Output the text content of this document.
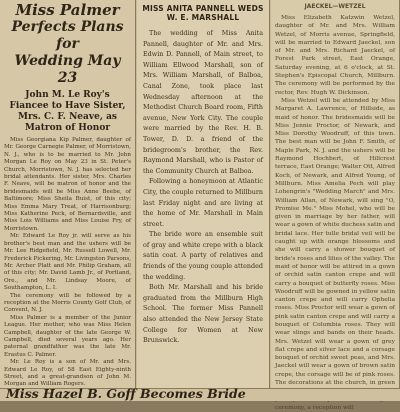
Miss Palmer

Perfects Plans for
Wedding May 23
John M. Le Roy's Fiancee to Have Sister, Mrs. C. F. Neave, as Matron of Honor

Miss Georgiana Kip Palmer, daughter of Mr. George Carnegie Palmer, of Morristown, N. J., who is to be married to Mr. John Morgan Le Roy on May 23 in St. Peter's Church, Morristown, N. J. has selected her bridal attendants. Her sister, Mrs. Charles F. Neave, will be matron of honor and the bridesmaids will be Miss Anne Beebe, of Baltimore; Miss Sheila Buist, of this city; Miss Emma Mary Treat, of Harrisonburg; Miss Katherine Peck, of Bernardsville, and Miss Lois Williams and Miss Louise Fry, of Morristown.

Mr. Edward Le Roy jr. will serve as his brother's best man and the ushers will be Mr. Lee Ridgefield, Mr. Russell Lowell, Mr. Frederick Pickering, Mr. Livingston Parsons, Mr. Archer Platt and Mr. Philip Graham, all of this city; Mr. David Lamb Jr., of Portland, Ore., and Mr. Lindsay Moore, of Southampton, L. I.

The ceremony will be followed by a reception at the Morris County Golf Club, of Convent, N. J.

Miss Palmer is a member of the Junior League. Her mother, who was Miss Helen Campbell, daughter of the late George W. Campbell, died several years ago. Her paternal grandfather was the late Mr. Erastus C. Palmer.

Mr. Le Roy is a son of Mr. and Mrs. Edward Le Roy, of 58 East Eighty-ninth Street, and a great-grandson of John M. Morgan and William Rogers.

MISS ANITA PANNELL WEDS W. E. MARSHALL

The wedding of Miss Anita Pannell, daughter of Mr. and Mrs. Edwin D. Pannell, of Main street, to William Ellwood Marshall, son of Mrs. William Marshall, of Balboa, Canal Zone, took place last Wednesday afternoon at the Methodist Church Board room, Fifth avenue, New York City. The couple were married by the Rev. H. B. Tower, D. D. a friend of the bridegroom's brother, the Rev. Raymond Marshall, who is Pastor of the Community Church at Balboa.

Following a honeymoon at Atlantic City, the couple returned to Millburn last Friday night and are living at the home of Mr. Marshall in Main street.

The bride wore an ensemble suit of gray and white crepe with a black satin coat. A party of relatives and friends of the young couple attended the wedding.

Both Mr. Marshall and his bride graduated from the Millburn High School. The former Miss Pannell also attended the New Jersey State College for Women at New Brunswick.

JAECKEL—WETZEL

Miss Elizabeth Katzwin Wetzel, daughter of Mr. and Mrs. William Wetzel, of Morris avenue, Springfield, will be married to Edward Jaeckel, son of Mr. and Mrs. Richard Jaeckel, of Forest Park street, East Orange, Saturday evening, at 6 o'clock, at St. Stephen's Episcopal Church, Millburn. The ceremony will be performed by the rector, Rev. Hugh W. Dickinson.

Miss Wetzel will be attended by Miss Margaret A. Lawrence, of Hillside, as maid of honor. The bridesmaids will be Miss Jennie Proctor, of Newark, and Miss Dorothy Woodruff, of this town. The best man will be John F. Smith, of Maple Park, N. J. and the ushers will be Raymond Hochbert, of Hillcrest terrace, East Orange; Walter Ott, Alfred Koch, of Newark, and Alfred Young, of Millburn. Miss Amelia Pech will play Lohengrin's "Wedding March" and Mrs. William Allan, of Newark, will sing "O, Promise Me." Miss Mohel, who will be given in marriage by her father, will wear a gown of white duchess satin and bridal lace. Her tulle bridal veil will be caught up with orange blossoms and she will carry a shower bouquet of bride's roses and lilies of the valley. The maid of honor will be attired in a gown of orchid satin canton crepe and will carry a bouquet of butterfly roses. Miss Woodruff will be gowned in yellow satin canton crepe and will carry Ophelia roses. Miss Proctor will wear a gown of pink satin canton crepe and will carry a bouquet of Columbia roses. They will wear slings and bands on their heads. Mrs. Wetzel will wear a gown of grey flat crepe and silver lace and a corsage bouquet of orchid sweet peas, and Mrs. Jaeckel will wear a gown of brown satin crepe, the corsage will be of pink roses. The decorations at the church, in green ceremony, a reception will

Miss Hazel B. Goff Becomes Bride
